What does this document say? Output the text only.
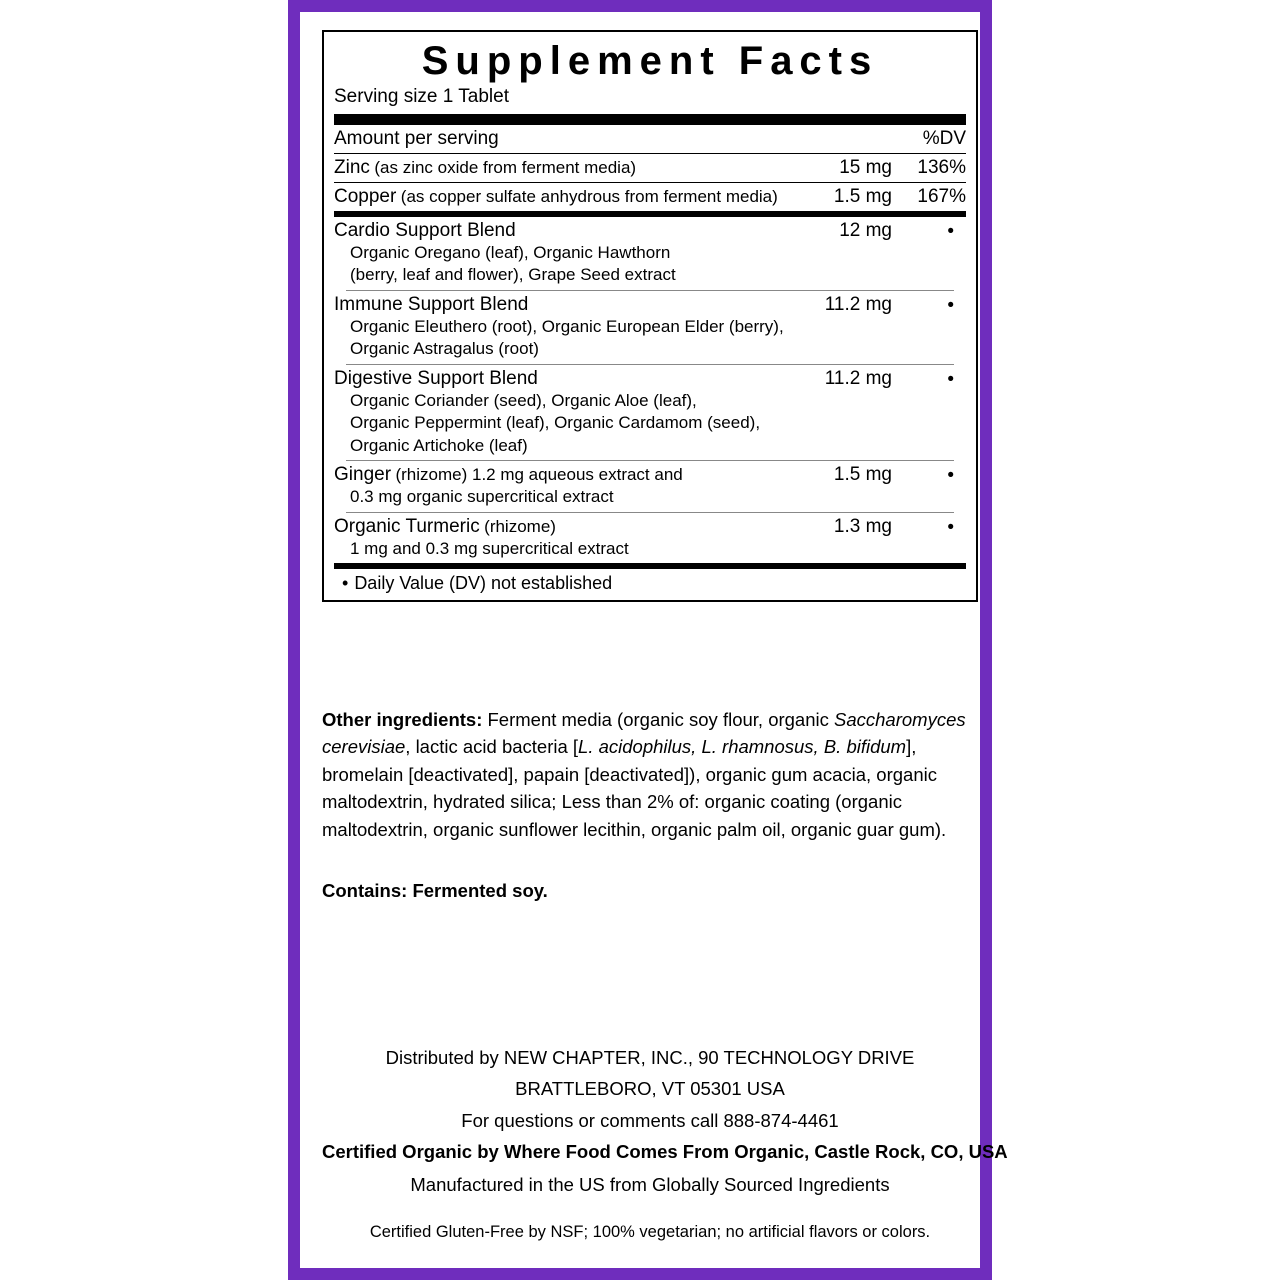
Supplement Facts
Serving size 1 Tablet
Amount per serving	%DV
Zinc (as zinc oxide from ferment media)	15 mg	136%
Copper (as copper sulfate anhydrous from ferment media)	1.5 mg	167%
Cardio Support Blend
Organic Oregano (leaf), Organic Hawthorn
(berry, leaf and flower), Grape Seed extract
12 mg	•
Immune Support Blend
Organic Eleuthero (root), Organic European Elder (berry),
Organic Astragalus (root)
11.2 mg	•
Digestive Support Blend
Organic Coriander (seed), Organic Aloe (leaf),
Organic Peppermint (leaf), Organic Cardamom (seed),
Organic Artichoke (leaf)
11.2 mg	•
Ginger (rhizome) 1.2 mg aqueous extract and
0.3 mg organic supercritical extract
1.5 mg	•
Organic Turmeric (rhizome)
1 mg and 0.3 mg supercritical extract
1.3 mg	•
• Daily Value (DV) not established
Other ingredients: Ferment media (organic soy flour, organic Saccharomyces cerevisiae, lactic acid bacteria [L. acidophilus, L. rhamnosus, B. bifidum], bromelain [deactivated], papain [deactivated]), organic gum acacia, organic maltodextrin, hydrated silica; Less than 2% of: organic coating (organic maltodextrin, organic sunflower lecithin, organic palm oil, organic guar gum).
Contains: Fermented soy.
Distributed by NEW CHAPTER, INC., 90 TECHNOLOGY DRIVE
BRATTLEBORO, VT 05301 USA
For questions or comments call 888-874-4461
Certified Organic by Where Food Comes From Organic, Castle Rock, CO, USA
Manufactured in the US from Globally Sourced Ingredients
Certified Gluten-Free by NSF; 100% vegetarian; no artificial flavors or colors.
